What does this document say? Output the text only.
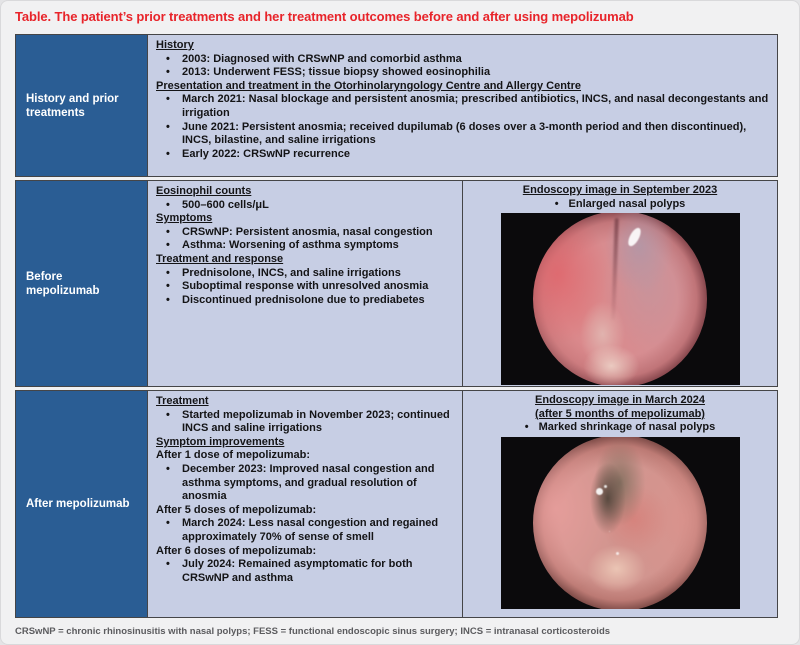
Table. The patient’s prior treatments and her treatment outcomes before and after using mepolizumab
History and prior treatments
History
• 2003: Diagnosed with CRSwNP and comorbid asthma
• 2013: Underwent FESS; tissue biopsy showed eosinophilia
Presentation and treatment in the Otorhinolaryngology Centre and Allergy Centre
• March 2021: Nasal blockage and persistent anosmia; prescribed antibiotics, INCS, and nasal decongestants and irrigation
• June 2021: Persistent anosmia; received dupilumab (6 doses over a 3-month period and then discontinued), INCS, bilastine, and saline irrigations
• Early 2022: CRSwNP recurrence
Before mepolizumab
Eosinophil counts
• 500–600 cells/μL
Symptoms
• CRSwNP: Persistent anosmia, nasal congestion
• Asthma: Worsening of asthma symptoms
Treatment and response
• Prednisolone, INCS, and saline irrigations
• Suboptimal response with unresolved anosmia
• Discontinued prednisolone due to prediabetes
Endoscopy image in September 2023
• Enlarged nasal polyps
After mepolizumab
Treatment
• Started mepolizumab in November 2023; continued INCS and saline irrigations
Symptom improvements
After 1 dose of mepolizumab:
• December 2023: Improved nasal congestion and asthma symptoms, and gradual resolution of anosmia
After 5 doses of mepolizumab:
• March 2024: Less nasal congestion and regained approximately 70% of sense of smell
After 6 doses of mepolizumab:
• July 2024: Remained asymptomatic for both CRSwNP and asthma
Endoscopy image in March 2024
(after 5 months of mepolizumab)
• Marked shrinkage of nasal polyps
CRSwNP = chronic rhinosinusitis with nasal polyps; FESS = functional endoscopic sinus surgery; INCS = intranasal corticosteroids
